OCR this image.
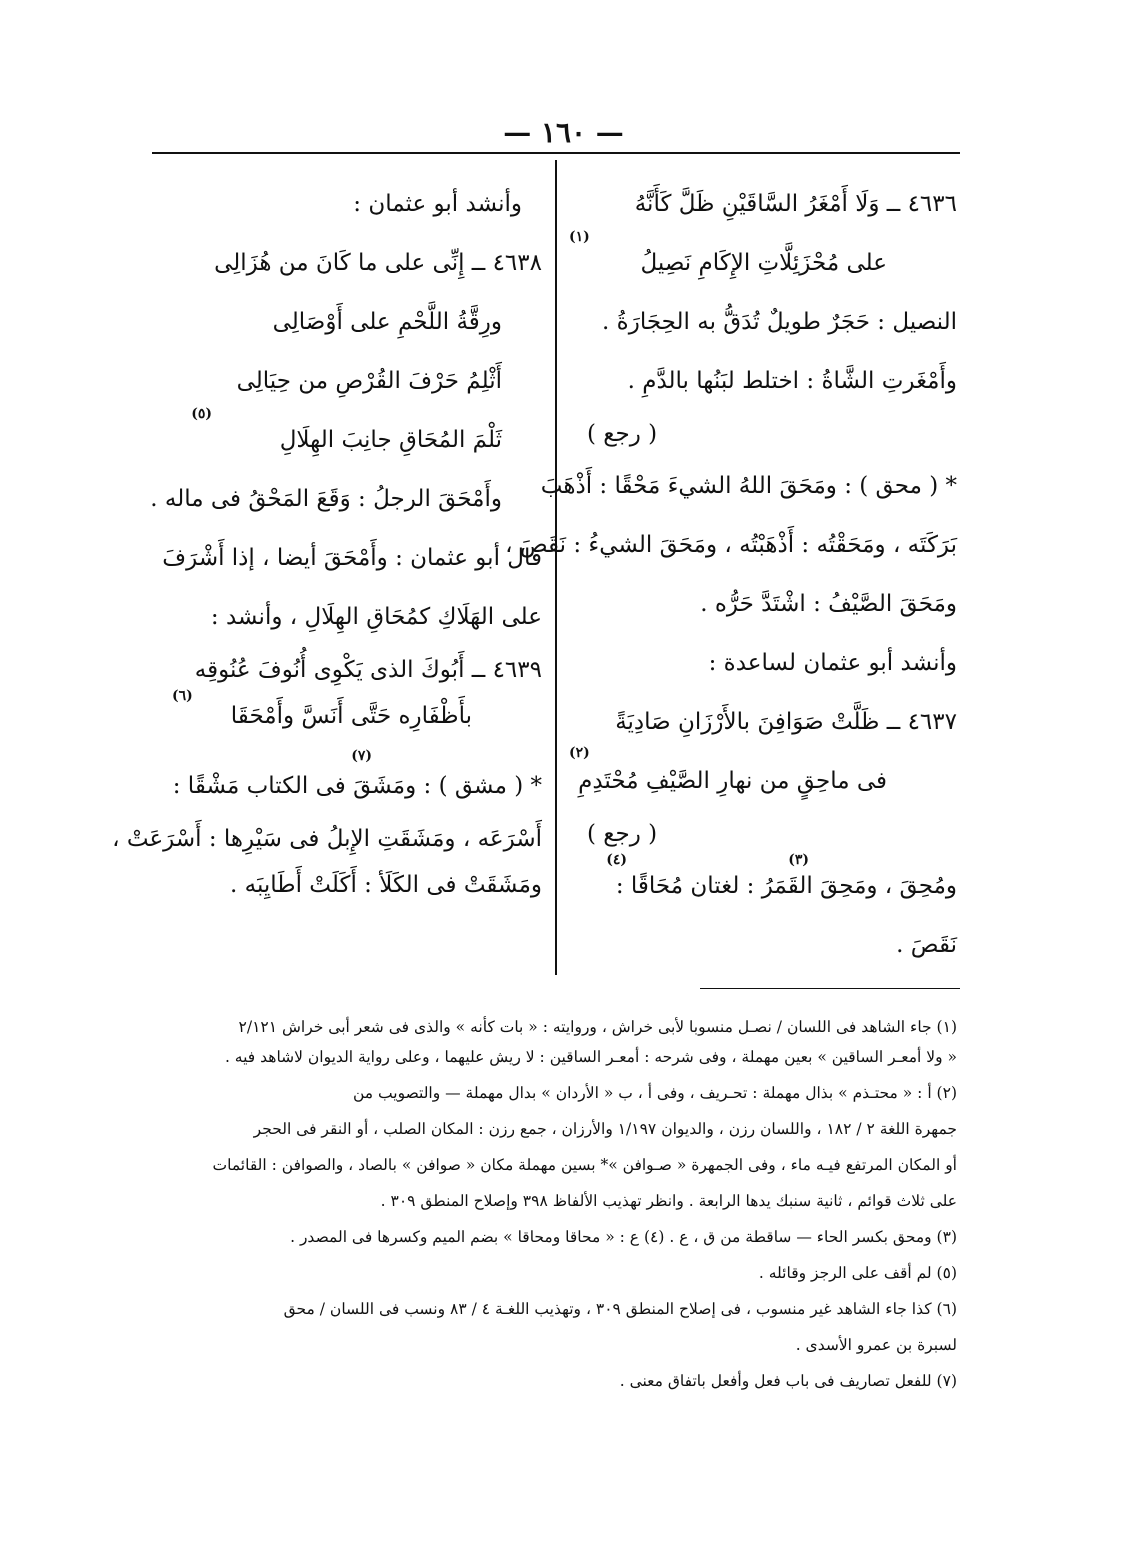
— ١٦٠ —
٤٦٣٦ ــ وَلَا أَمْغَرُ السَّاقَيْنِ ظَلَّ كَأَنَّهُ
على مُحْزَئِلَّاتِ الإِكَامِ نَصِيلُ
(١)
النصيل : حَجَرٌ طويلٌ تُدَقُّ به الحِجَارَةُ .
وأَمْغَرتِ الشَّاةُ : اختلط لبَنُها بالدَّمِ .
( رجع )
* ( محق ) : ومَحَقَ اللهُ الشيءَ مَحْقًا : أَذْهَبَ
بَرَكَتَه ، ومَحَقْتُه : أَذْهَبْتُه ، ومَحَقَ الشيءُ : نَقَصَ ،
ومَحَقَ الصَّيْفُ : اشْتَدَّ حَرُّه .
وأنشد أبو عثمان لساعدة :
٤٦٣٧ ــ ظَلَّتْ صَوَافِنَ بالأَرْزَانِ صَادِيَةً
فى ماحِقٍ من نهارِ الصَّيْفِ مُحْتَدِمِ
(٢)
( رجع )
ومُحِقَ ، ومَحِقَ القَمَرُ : لغتان مُحَاقًا :
(٣)
(٤)
نَقَصَ .
وأنشد أبو عثمان :
٤٦٣٨ ــ إِنِّى على ما كَانَ من هُزَالِى
ورِقَّةُ اللَّحْمِ على أَوْصَالِى
أَثْلِمُ حَرْفَ القُرْصِ من حِيَالِى
ثَلْمَ المُحَاقِ جانِبَ الهِلَالِ
(٥)
وأَمْحَقَ الرجلُ : وَقَعَ المَحْقُ فى ماله .
قال أبو عثمان : وأَمْحَقَ أيضا ، إذا أَشْرَفَ
على الهَلَاكِ كمُحَاقِ الهِلَالِ ، وأنشد :
٤٦٣٩ ــ أَبُوكَ الذى يَكْوِى أُنُوفَ عُنُوقِه
بأَظْفَارِه حَتَّى أَنَسَّ وأَمْحَقَا
(٦)
* ( مشق ) : ومَشَقَ فى الكتاب مَشْقًا :
(٧)
أَسْرَعَه ، ومَشَقَتِ الإِبلُ فى سَيْرِها : أَسْرَعَتْ ،
ومَشَقَتْ فى الكَلَأ : أَكَلَتْ أَطَايِبَه .
(١) جاء الشاهد فى اللسان / نصـل منسوبا لأبى خراش ، وروايته : « بات كأنه » والذى فى شعر أبى خراش ٢/١٢١
« ولا أمعـر الساقين » بعين مهملة ، وفى شرحه : أمعـر الساقين : لا ريش عليهما ، وعلى رواية الديوان لاشاهد فيه .
(٢) أ : « محتـذم » بذال مهملة : تحـريف ، وفى أ ، ب « الأردان » بدال مهملة — والتصويب من
جمهرة اللغة ٢ / ١٨٢ ، واللسان رزن ، والديوان ١/١٩٧ والأرزان ، جمع رزن : المكان الصلب ، أو النقر فى الحجر
أو المكان المرتفع فيـه ماء ، وفى الجمهرة « صـوافن »* بسين مهملة مكان « صوافن » بالصاد ، والصوافن : القائمات
على ثلاث قوائم ، ثانية سنبك يدها الرابعة . وانظر تهذيب الألفاظ ٣٩٨ وإصلاح المنطق ٣٠٩ .
(٣) ومحق بكسر الحاء — ساقطة من ق ، ع . (٤) ع : « محاقا ومحاقا » بضم الميم وكسرها فى المصدر .
(٥) لم أقف على الرجز وقائله .
(٦) كذا جاء الشاهد غير منسوب ، فى إصلاح المنطق ٣٠٩ ، وتهذيب اللغـة ٤ / ٨٣ ونسب فى اللسان / محق
لسبرة بن عمرو الأسدى .
(٧) للفعل تصاريف فى باب فعل وأفعل باتفاق معنى .
